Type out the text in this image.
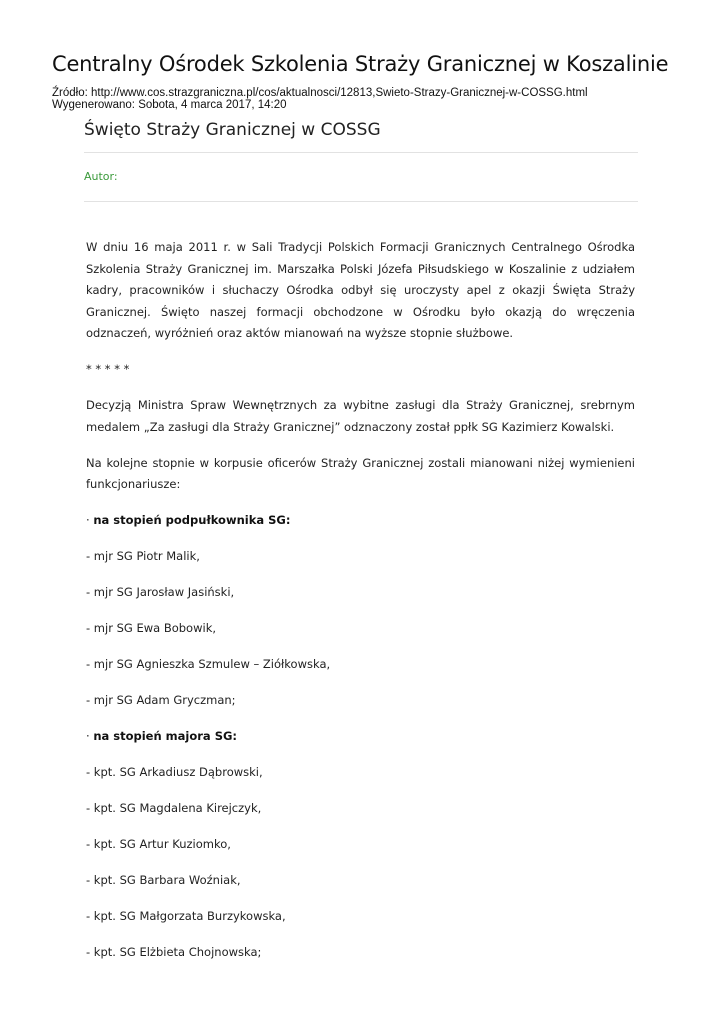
Centralny Ośrodek Szkolenia Straży Granicznej w Koszalinie
Źródło: http://www.cos.strazgraniczna.pl/cos/aktualnosci/12813,Swieto-Strazy-Granicznej-w-COSSG.html
Wygenerowano: Sobota, 4 marca 2017, 14:20
Święto Straży Granicznej w COSSG
Autor:

W dniu 16 maja 2011 r. w Sali Tradycji Polskich Formacji Granicznych Centralnego Ośrodka Szkolenia Straży Granicznej im. Marszałka Polski Józefa Piłsudskiego w Koszalinie z udziałem kadry, pracowników i słuchaczy Ośrodka odbył się uroczysty apel z okazji Święta Straży Granicznej. Święto naszej formacji obchodzone w Ośrodku było okazją do wręczenia odznaczeń, wyróżnień oraz aktów mianowań na wyższe stopnie służbowe.

* * * * *

Decyzją Ministra Spraw Wewnętrznych za wybitne zasługi dla Straży Granicznej, srebrnym medalem „Za zasługi dla Straży Granicznej” odznaczony został ppłk SG Kazimierz Kowalski.

Na kolejne stopnie w korpusie oficerów Straży Granicznej zostali mianowani niżej wymienieni funkcjonariusze:

· na stopień podpułkownika SG:
- mjr SG Piotr Malik,
- mjr SG Jarosław Jasiński,
- mjr SG Ewa Bobowik,
- mjr SG Agnieszka Szmulew – Ziółkowska,
- mjr SG Adam Gryczman;
· na stopień majora SG:
- kpt. SG Arkadiusz Dąbrowski,
- kpt. SG Magdalena Kirejczyk,
- kpt. SG Artur Kuziomko,
- kpt. SG Barbara Woźniak,
- kpt. SG Małgorzata Burzykowska,
- kpt. SG Elżbieta Chojnowska;
